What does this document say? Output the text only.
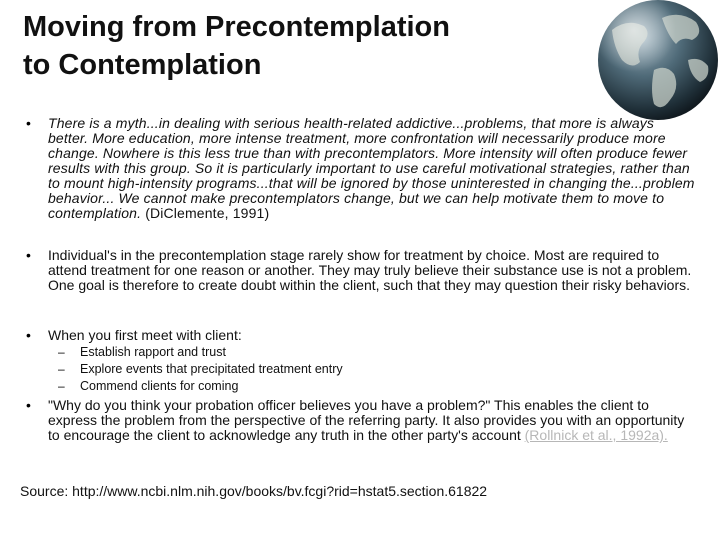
Moving from Precontemplation
to Contemplation
• There is a myth...in dealing with serious health-related addictive...problems, that more is always better. More education, more intense treatment, more confrontation will necessarily produce more change. Nowhere is this less true than with precontemplators. More intensity will often produce fewer results with this group. So it is particularly important to use careful motivational strategies, rather than to mount high-intensity programs...that will be ignored by those uninterested in changing the...problem behavior... We cannot make precontemplators change, but we can help motivate them to move to contemplation. (DiClemente, 1991)
• Individual's in the precontemplation stage rarely show for treatment by choice. Most are required to attend treatment for one reason or another. They may truly believe their substance use is not a problem. One goal is therefore to create doubt within the client, such that they may question their risky behaviors.
• When you first meet with client:
– Establish rapport and trust
– Explore events that precipitated treatment entry
– Commend clients for coming
• "Why do you think your probation officer believes you have a problem?" This enables the client to express the problem from the perspective of the referring party. It also provides you with an opportunity to encourage the client to acknowledge any truth in the other party's account (Rollnick et al., 1992a).
Source: http://www.ncbi.nlm.nih.gov/books/bv.fcgi?rid=hstat5.section.61822
